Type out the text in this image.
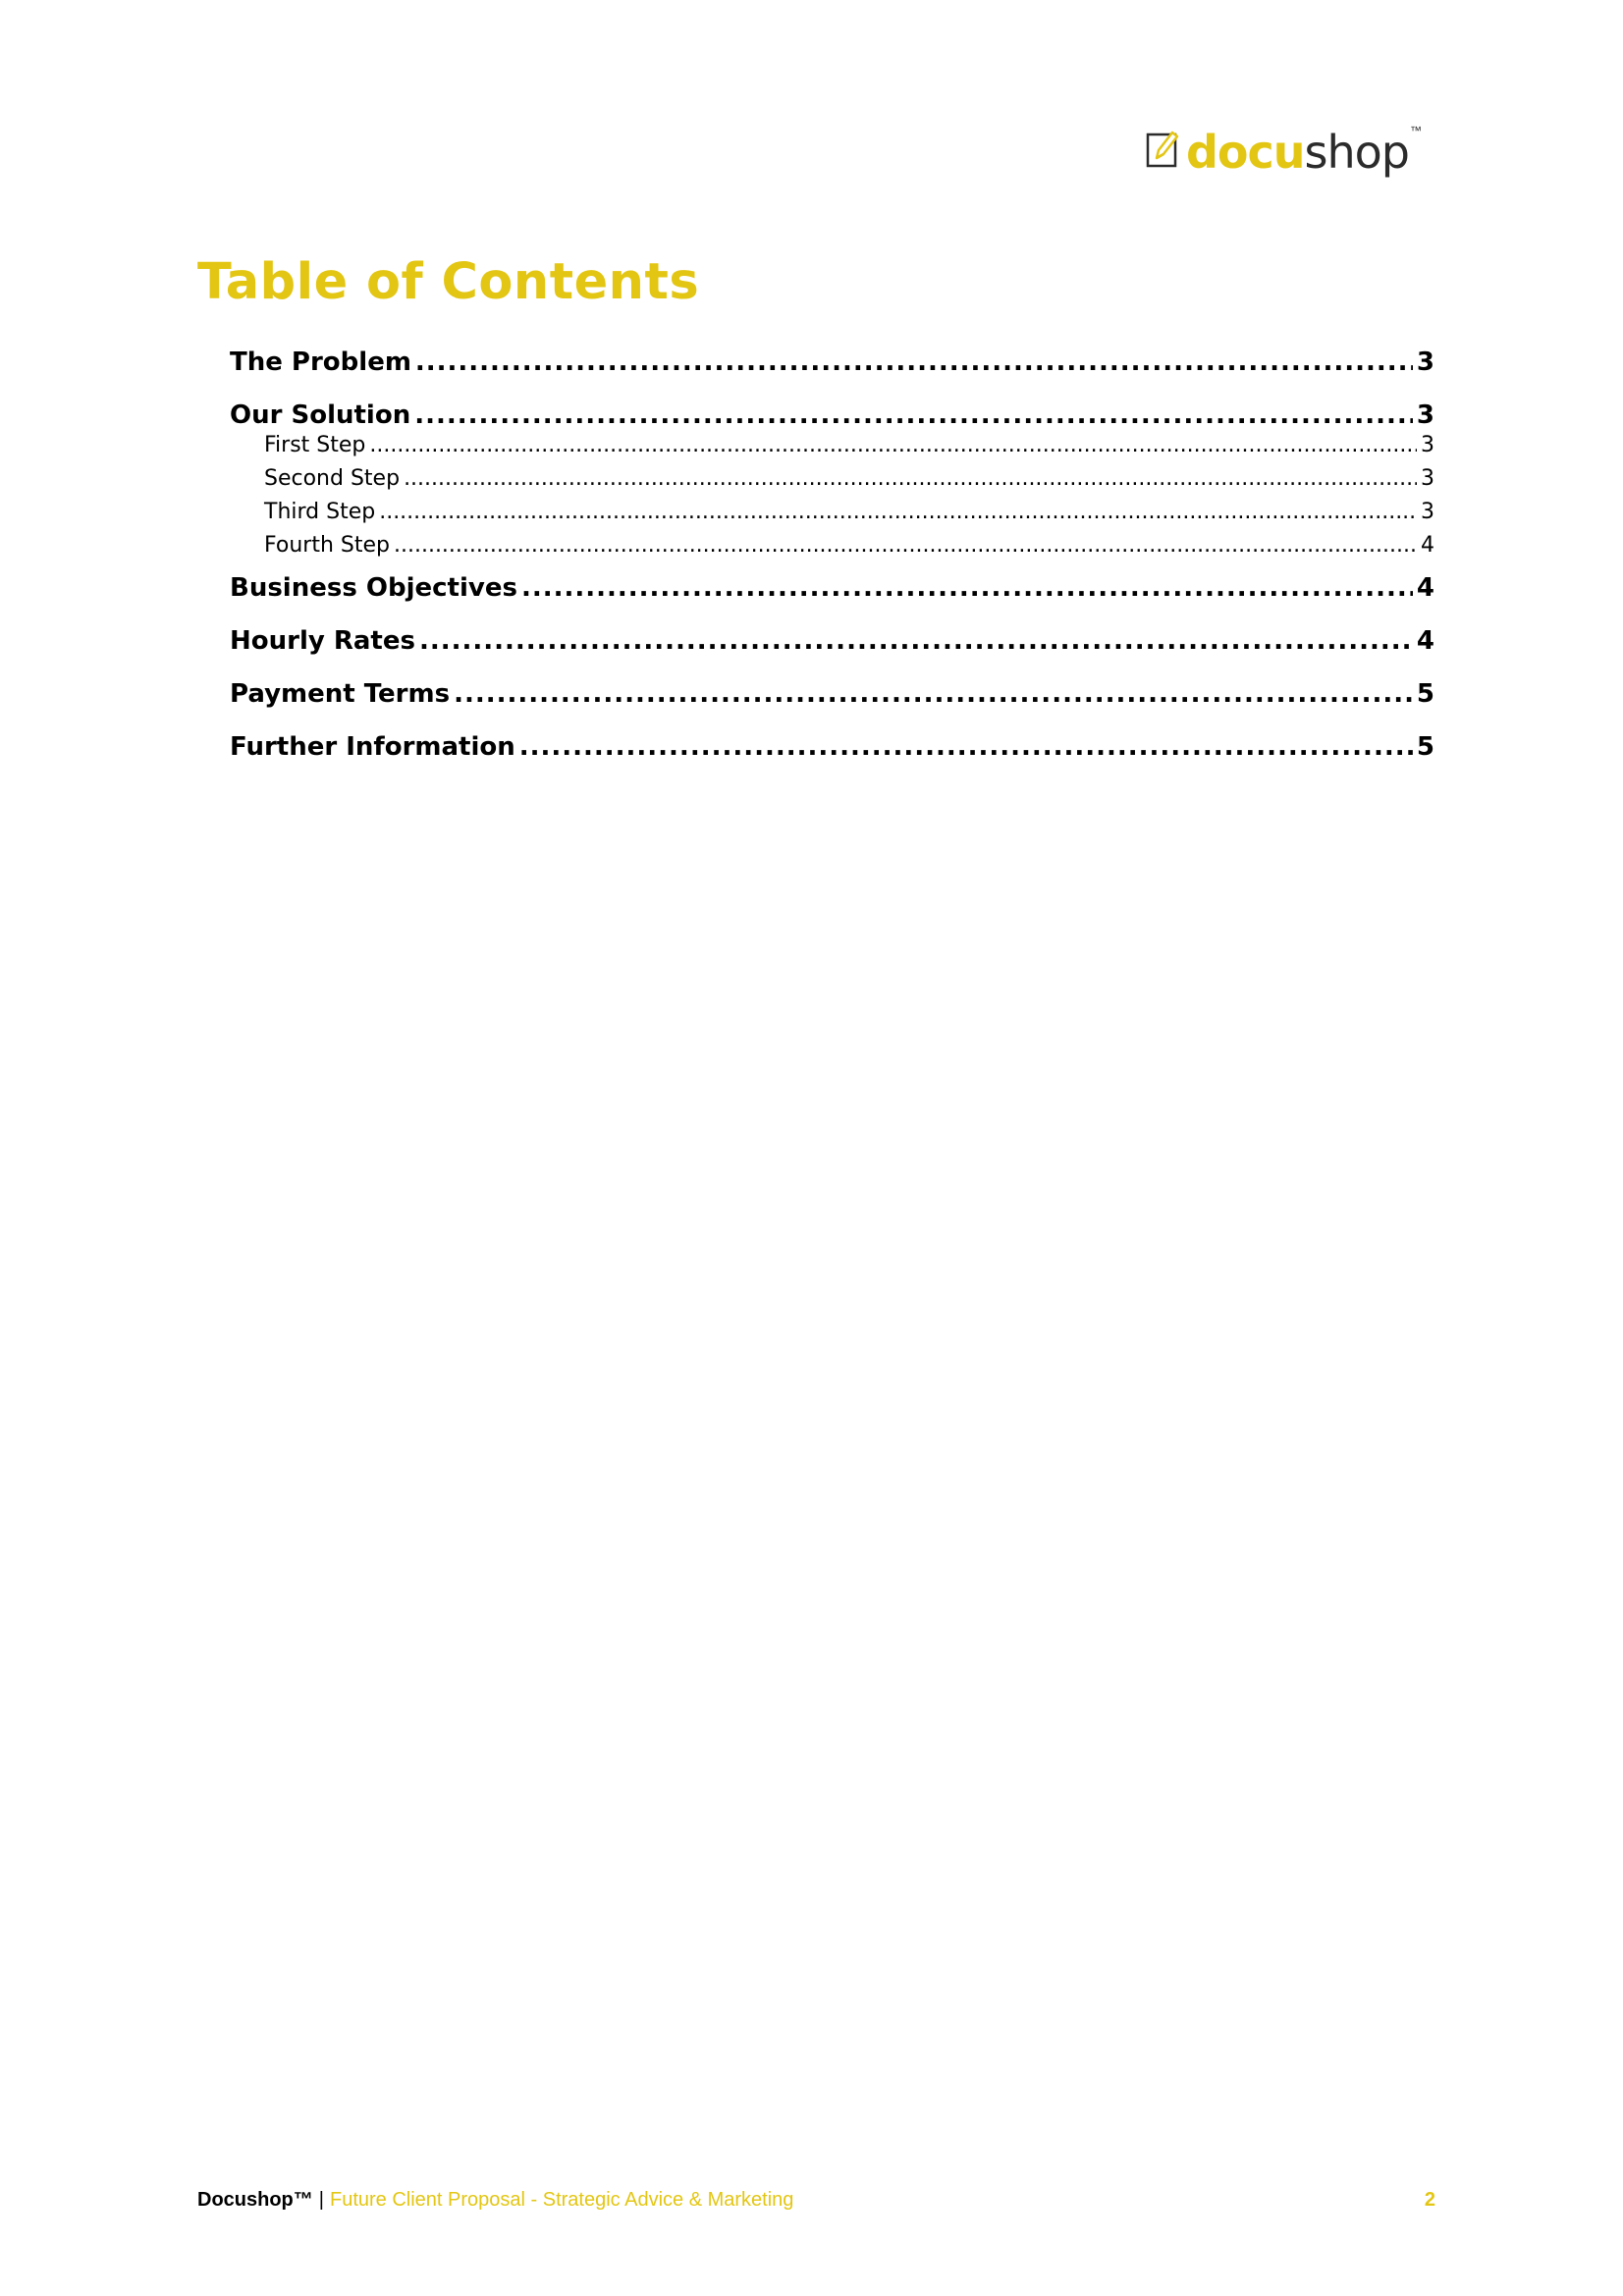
docushop ™
Table of Contents
The Problem .....	3
Our Solution .....	3
First Step .....	3
Second Step .....	3
Third Step .....	3
Fourth Step .....	4
Business Objectives .....	4
Hourly Rates .....	4
Payment Terms .....	5
Further Information .....	5
Docushop™ | Future Client Proposal - Strategic Advice & Marketing	2
